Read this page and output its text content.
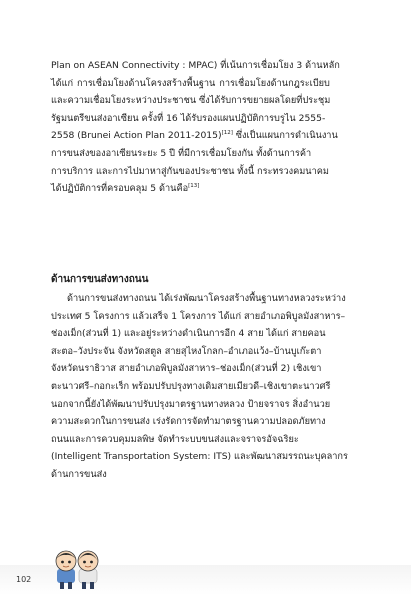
Plan on ASEAN Connectivity : MPAC) ที่เน้นการเชื่อมโยง 3 ด้านหลัก
ได้แก่ การเชื่อมโยงด้านโครงสร้างพื้นฐาน การเชื่อมโยงด้านกฎระเบียบ
และความเชื่อมโยงระหว่างประชาชน ซึ่งได้รับการขยายผลโดยที่ประชุม
รัฐมนตรีขนส่งอาเซียน ครั้งที่ 16 ได้รับรองแผนปฏิบัติการบรูไน 2555-
2558 (Brunei Action Plan 2011-2015)[12] ซึ่งเป็นแผนการดำเนินงาน
การขนส่งของอาเซียนระยะ 5 ปี ที่มีการเชื่อมโยงกัน ทั้งด้านการค้า
การบริการ และการไปมาหาสู่กันของประชาชน ทั้งนี้ กระทรวงคมนาคม
ได้ปฏิบัติการที่ครอบคลุม 5 ด้านคือ[13]
ด้านการขนส่งทางถนน
ด้านการขนส่งทางถนน ได้เร่งพัฒนาโครงสร้างพื้นฐานทางหลวงระหว่าง
ประเทศ 5 โครงการ แล้วเสร็จ 1 โครงการ ได้แก่ สายอำเภอพิบูลมังสาหาร–
ช่องเม็ก(ส่วนที่ 1) และอยู่ระหว่างดำเนินการอีก 4 สาย ได้แก่ สายคอน
สะตอ–วังประจัน จังหวัดสตูล สายสุไหงโกลก–อำเภอแว้ง–บ้านบูเก๊ะตา
จังหวัดนราธิวาส สายอำเภอพิบูลมังสาหาร–ช่องเม็ก(ส่วนที่ 2) เชิงเขา
ตะนาวศรี–กอกะเร็ก พร้อมปรับปรุงทางเดิมสายเมียวดี–เชิงเขาตะนาวศรี
นอกจากนี้ยังได้พัฒนาปรับปรุงมาตรฐานทางหลวง ป้ายจราจร สิ่งอำนวย
ความสะดวกในการขนส่ง เร่งรัดการจัดทำมาตรฐานความปลอดภัยทาง
ถนนและการควบคุมมลพิษ จัดทำระบบขนส่งและจราจรอัจฉริยะ
(Intelligent Transportation System: ITS) และพัฒนาสมรรถนะบุคลากร
ด้านการขนส่ง
102
